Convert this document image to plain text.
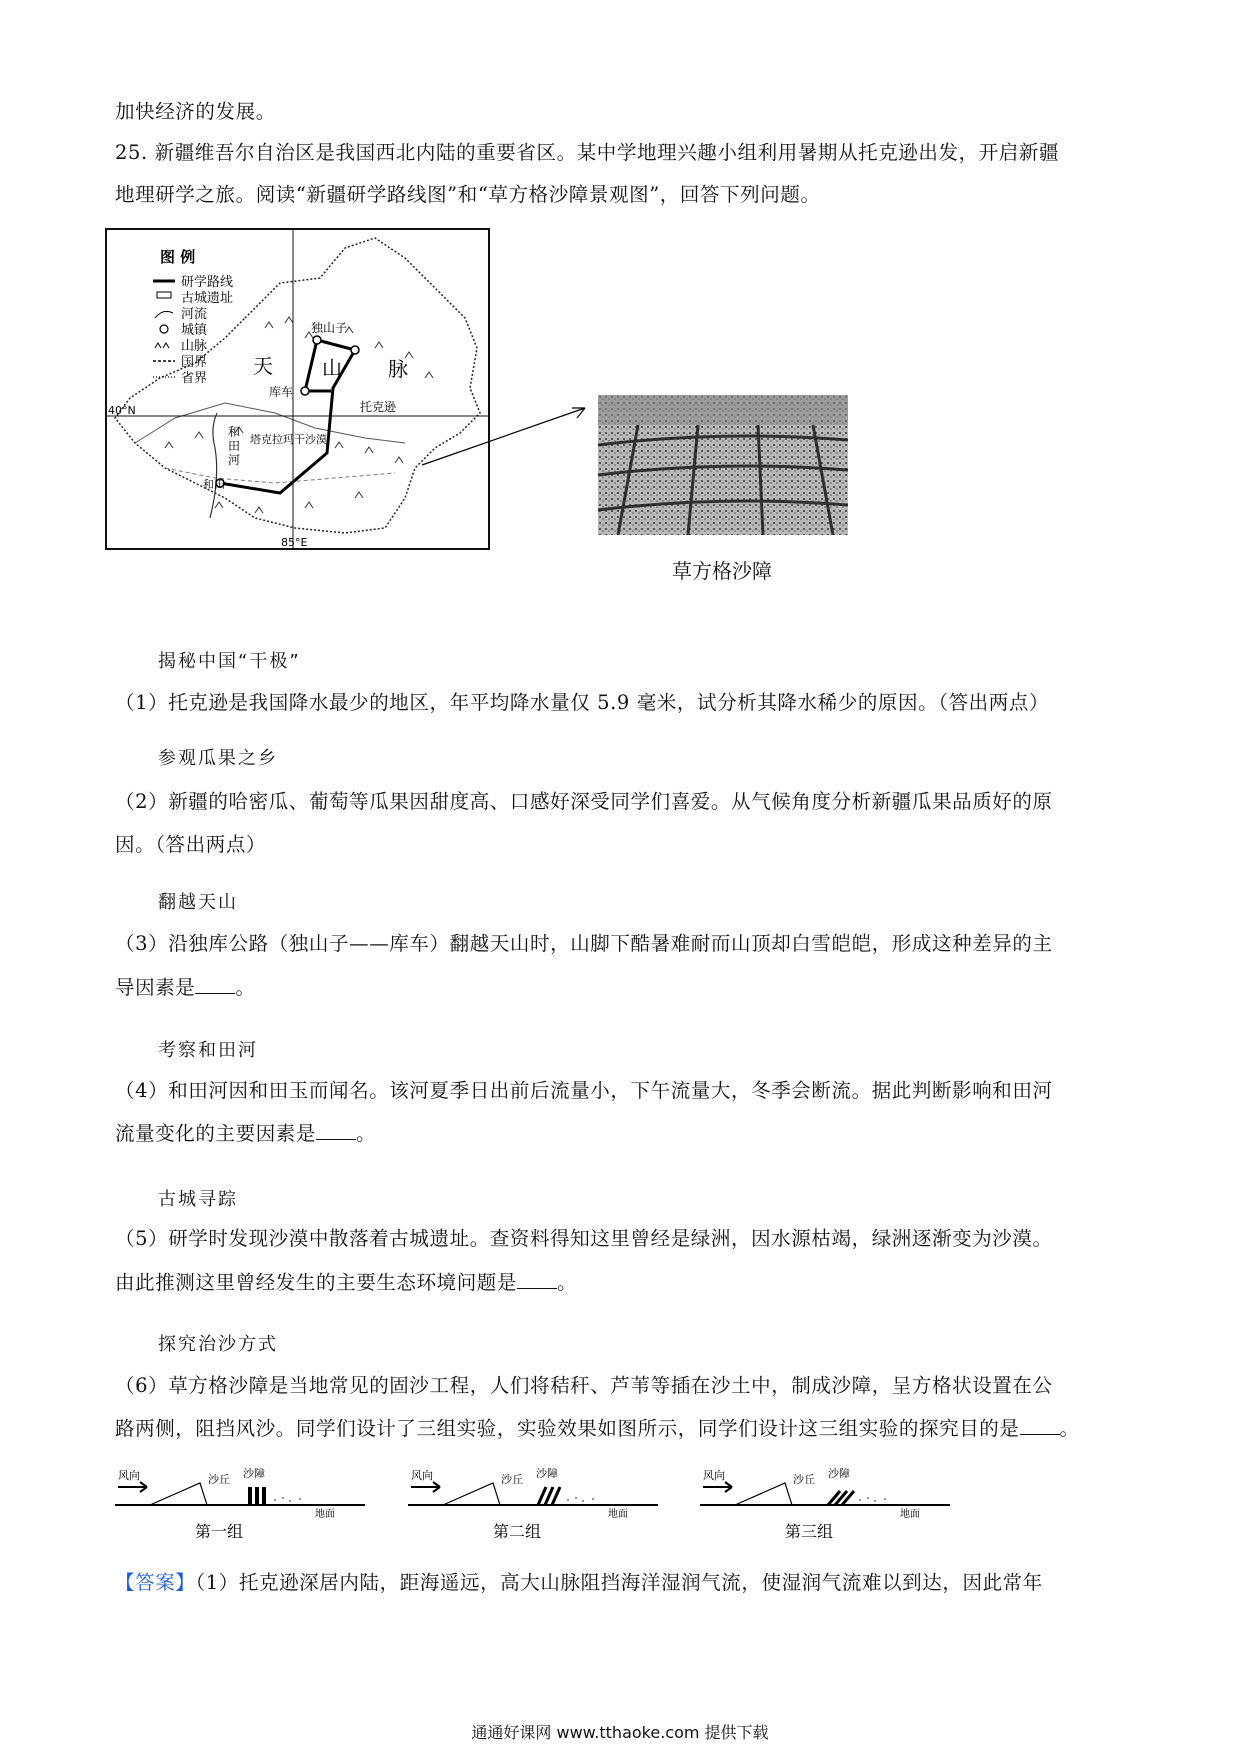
加快经济的发展。
25. 新疆维吾尔自治区是我国西北内陆的重要省区。某中学地理兴趣小组利用暑期从托克逊出发，开启新疆
地理研学之旅。阅读“新疆研学路线图”和“草方格沙障景观图”，回答下列问题。
图 例
研学路线
古城遗址
河流
城镇
山脉
国界
省界
独山子
天 山 脉
库车
托克逊
和
田
河
塔克拉玛干沙漠
和田
40°N
85°E
草方格沙障
揭秘中国“干极”
（1）托克逊是我国降水最少的地区，年平均降水量仅 5.9 毫米，试分析其降水稀少的原因。（答出两点）
参观瓜果之乡
（2）新疆的哈密瓜、葡萄等瓜果因甜度高、口感好深受同学们喜爱。从气候角度分析新疆瓜果品质好的原
因。（答出两点）
翻越天山
（3）沿独库公路（独山子——库车）翻越天山时，山脚下酷暑难耐而山顶却白雪皑皑，形成这种差异的主
导因素是 。
考察和田河
（4）和田河因和田玉而闻名。该河夏季日出前后流量小，下午流量大，冬季会断流。据此判断影响和田河
流量变化的主要因素是 。
古城寻踪
（5）研学时发现沙漠中散落着古城遗址。查资料得知这里曾经是绿洲，因水源枯竭，绿洲逐渐变为沙漠。
由此推测这里曾经发生的主要生态环境问题是 。
探究治沙方式
（6）草方格沙障是当地常见的固沙工程，人们将秸秆、芦苇等插在沙土中，制成沙障，呈方格状设置在公
路两侧，阻挡风沙。同学们设计了三组实验，实验效果如图所示，同学们设计这三组实验的探究目的是 。
风向	沙丘 沙障
地面
第一组
风向	沙丘 沙障
地面
第二组
风向	沙丘 沙障
地面
第三组
【答案】（1）托克逊深居内陆，距海遥远，高大山脉阻挡海洋湿润气流，使湿润气流难以到达，因此常年
通通好课网 www.tthaoke.com 提供下载
